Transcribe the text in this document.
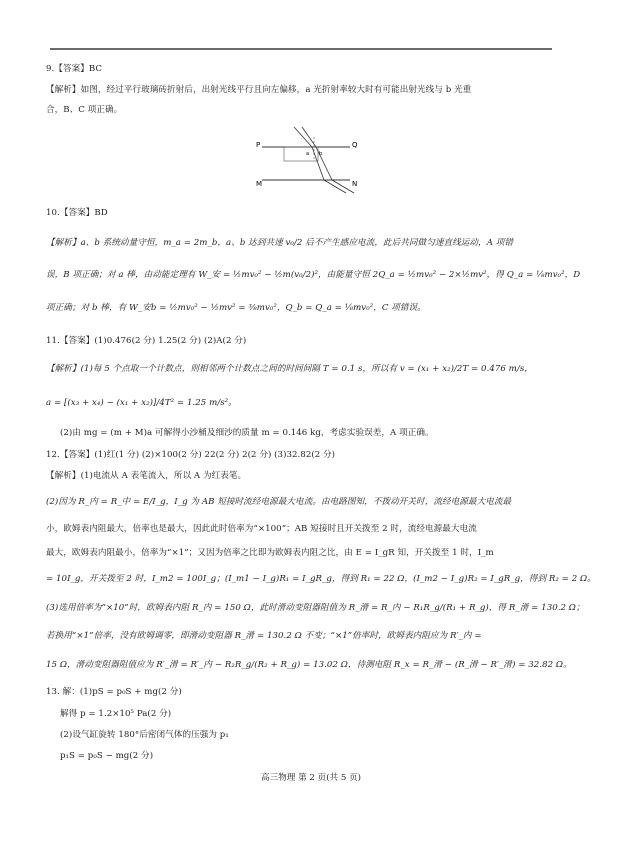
9.【答案】BC
【解析】如图，经过平行玻璃砖折射后，出射光线平行且向左偏移，a 光折射率较大时有可能出射光线与 b 光重
合，B、C 项正确。
P	Q
M	N
a b
10.【答案】BD
【解析】a、b 系统动量守恒，m_a = 2m_b，a、b 达到共速 v₀/2 后不产生感应电流，此后共同做匀速直线运动，A 项错
误，B 项正确；对 a 棒，由动能定理有 W_安 = ½mv₀² − ½m(v₀/2)²，由能量守恒 2Q_a = ½mv₀² − 2×½mv²，得 Q_a = ⅛mv₀²，D
项正确；对 b 棒，有 W_安b = ½mv₀² − ½mv² = ⅜mv₀²，Q_b = Q_a = ⅛mv₀²，C 项错误。
11.【答案】(1)0.476(2 分) 1.25(2 分) (2)A(2 分)
【解析】(1)每 5 个点取一个计数点，则相邻两个计数点之间的时间间隔 T = 0.1 s，所以有 v = (x₁ + x₂)/2T = 0.476 m/s，
a = [(x₃ + x₄) − (x₁ + x₂)]/4T² = 1.25 m/s²。
(2)由 mg = (m + M)a 可解得小沙桶及细沙的质量 m = 0.146 kg，考虑实验误差，A 项正确。
12.【答案】(1)红(1 分) (2)×100(2 分) 22(2 分) 2(2 分) (3)32.82(2 分)
【解析】(1)电流从 A 表笔流入，所以 A 为红表笔。
(2)因为 R_内 = R_中 = E/I_g，I_g 为 AB 短接时流经电源最大电流。由电路图知，不拨动开关时，流经电源最大电流最
小，欧姆表内阻最大，倍率也是最大，因此此时倍率为“×100”；AB 短接时且开关拨至 2 时，流经电源最大电流
最大，欧姆表内阻最小，倍率为“×1”；又因为倍率之比即为欧姆表内阻之比，由 E = I_gR 知，开关拨至 1 时，I_m
= 10I_g，开关拨至 2 时，I_m2 = 100I_g；(I_m1 − I_g)R₁ = I_gR_g，得到 R₁ = 22 Ω，(I_m2 − I_g)R₂ = I_gR_g，得到 R₂ = 2 Ω。
(3)选用倍率为“×10”时，欧姆表内阻 R_内 = 150 Ω，此时滑动变阻器阻值为 R_滑 = R_内 − R₁R_g/(R₁ + R_g)，得 R_滑 = 130.2 Ω；
若换用“×1”倍率，没有欧姆调零，即滑动变阻器 R_滑 = 130.2 Ω 不变；“×1”倍率时，欧姆表内阻应为 R′_内 =
15 Ω，滑动变阻器阻值应为 R′_滑 = R′_内 − R₂R_g/(R₂ + R_g) = 13.02 Ω，待测电阻 R_x = R_滑 − (R_滑 − R′_滑) = 32.82 Ω。
13. 解：(1)pS = p₀S + mg(2 分)
解得 p = 1.2×10⁵ Pa(2 分)
(2)设气缸旋转 180°后密闭气体的压强为 p₁
p₁S = p₀S − mg(2 分)
高三物理 第 2 页(共 5 页)
